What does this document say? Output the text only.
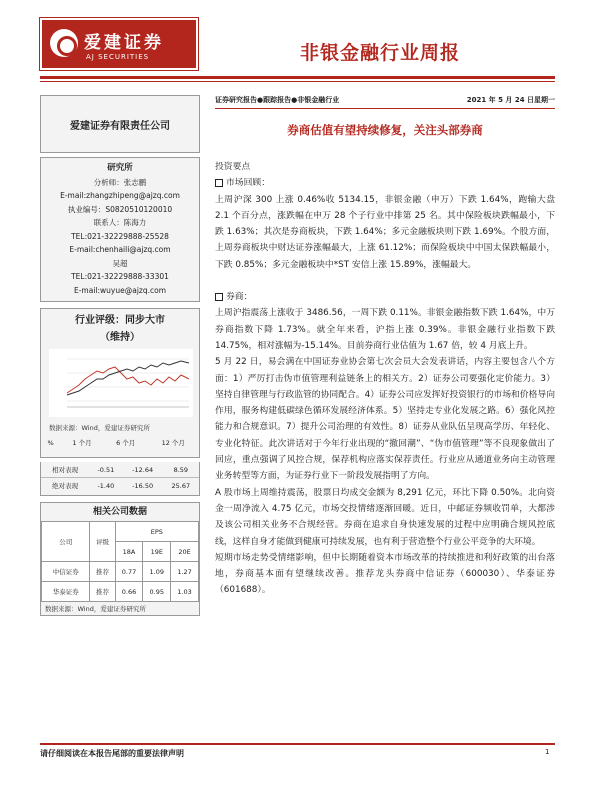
爱建证券
AJ SECURITIES	非银金融行业周报
爱建证券有限责任公司
研究所
分析师：张志鹏
E-mail:zhangzhipeng@ajzq.com
执业编号：S0820510120010
联系人：陈海力
TEL:021-32229888-25528
E-mail:chenhaili@ajzq.com
吴超
TEL:021-32229888-33301
E-mail:wuyue@ajzq.com
行业评级：同步大市
（维持）
数据来源：Wind，爱建证券研究所
%	1 个月	6 个月	12 个月
相对表现	-0.51	-12.64	8.59
绝对表现	-1.40	-16.50	25.67
相关公司数据
公司	评级	EPS		
		18A	19E	20E
中信证券	推荐	0.77	1.09	1.27
华泰证券	推荐	0.66	0.95	1.03
数据来源：Wind，爱建证券研究所
证券研究报告●跟踪报告●非银金融行业	2021 年 5 月 24 日星期一
券商估值有望持续修复，关注头部券商
投资要点
市场回顾：

上周沪深 300 上涨 0.46%收 5134.15，非银金融（申万）下跌 1.64%，跑输大盘 2.1 个百分点，涨跌幅在申万 28 个子行业中排第 25 名。其中保险板块跌幅最小，下跌 1.63%；其次是券商板块，下跌 1.64%；多元金融板块则下跌 1.69%。个股方面，上周券商板块中财达证券涨幅最大，上涨 61.12%；而保险板块中中国太保跌幅最小，下跌 0.85%；多元金融板块中*ST 安信上涨 15.89%，涨幅最大。

券商：

上周沪指震荡上涨收于 3486.56，一周下跌 0.11%。非银金融指数下跌 1.64%，中万券商指数下降 1.73%。就全年来看，沪指上涨 0.39%。非银金融行业指数下跌 14.75%，相对涨幅为-15.14%。目前券商行业估值为 1.67 倍，较 4 月底上升。

5 月 22 日，易会满在中国证券业协会第七次会员大会发表讲话，内容主要包含八个方面：1）严厉打击伪市值管理利益链条上的相关方。2）证券公司要强化定价能力。3）坚持自律管理与行政监管的协同配合。4）证券公司应发挥好投资银行的市场和价格导向作用，服务构建低碳绿色循环发展经济体系。5）坚持走专业化发展之路。6）强化风控能力和合规意识。7）提升公司治理的有效性。8）证券从业队伍呈现高学历、年轻化、专业化特征。此次讲话对于今年行业出现的“撤回潮”、“伪市值管理”等不良现象做出了回应，重点强调了风控合规，保荐机构应落实保荐责任。行业应从通道业务向主动管理业务转型等方面，为证券行业下一阶段发展指明了方向。

A 股市场上周维持震荡，股票日均成交金额为 8,291 亿元，环比下降 0.50%。北向资金一周净流入 4.75 亿元，市场交投情绪逐渐回暖。近日，中邮证券频收罚单，大都涉及该公司相关业务不合规经营。券商在追求自身快速发展的过程中应明确合规风控底线，这样自身才能做到健康可持续发展，也有利于营造整个行业公平竞争的大环境。

短期市场走势受情绪影响，但中长期随着资本市场改革的持续推进和利好政策的出台落地，券商基本面有望继续改善。推荐龙头券商中信证券（600030）、华泰证券（601688）。

请仔细阅读在本报告尾部的重要法律声明	1
